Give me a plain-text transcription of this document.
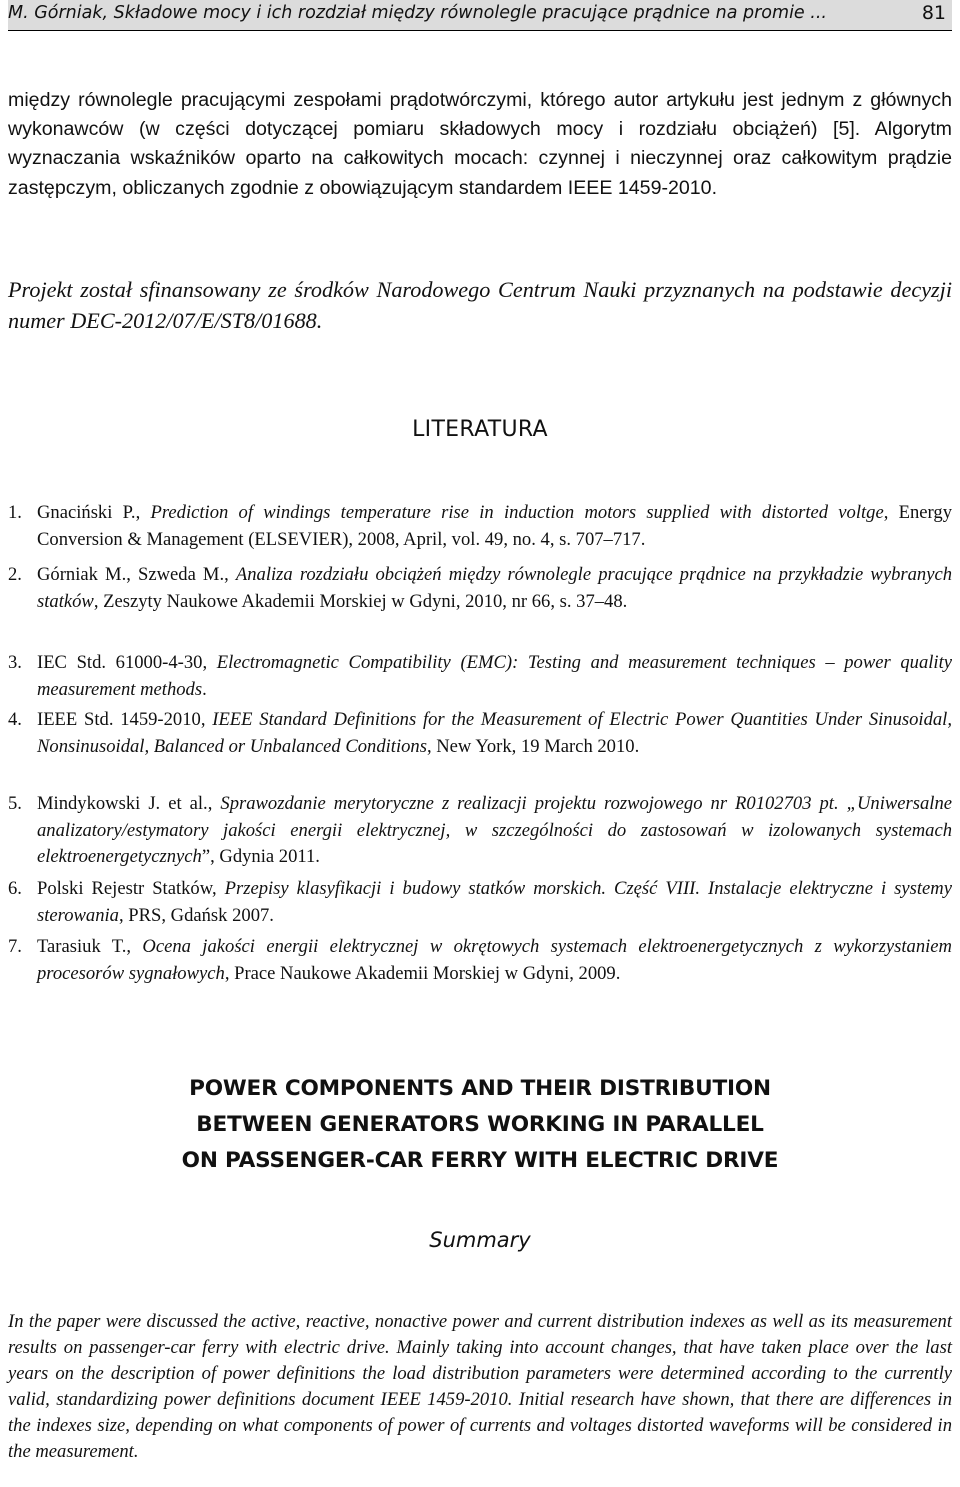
M. Górniak, Składowe mocy i ich rozdział między równolegle pracujące prądnice na promie ...	81

między równolegle pracującymi zespołami prądotwórczymi, którego autor artykułu jest jednym z głównych wykonawców (w części dotyczącej pomiaru składowych mocy i rozdziału obciążeń) [5]. Algorytm wyznaczania wskaźników oparto na całkowitych mocach: czynnej i nieczynnej oraz całkowitym prądzie zastępczym, obliczanych zgodnie z obowiązującym standardem IEEE 1459-2010.

Projekt został sfinansowany ze środków Narodowego Centrum Nauki przyznanych na podstawie decyzji numer DEC-2012/07/E/ST8/01688.

LITERATURA
1. Gnaciński P., Prediction of windings temperature rise in induction motors supplied with distorted voltge, Energy Conversion & Management (ELSEVIER), 2008, April, vol. 49, no. 4, s. 707–717.
2. Górniak M., Szweda M., Analiza rozdziału obciążeń między równolegle pracujące prądnice na przykładzie wybranych statków, Zeszyty Naukowe Akademii Morskiej w Gdyni, 2010, nr 66, s. 37–48.
3. IEC Std. 61000-4-30, Electromagnetic Compatibility (EMC): Testing and measurement techniques – power quality measurement methods.
4. IEEE Std. 1459-2010, IEEE Standard Definitions for the Measurement of Electric Power Quantities Under Sinusoidal, Nonsinusoidal, Balanced or Unbalanced Conditions, New York, 19 March 2010.
5. Mindykowski J. et al., Sprawozdanie merytoryczne z realizacji projektu rozwojowego nr R0102703 pt. „Uniwersalne analizatory/estymatory jakości energii elektrycznej, w szczególności do zastosowań w izolowanych systemach elektroenergetycznych”, Gdynia 2011.
6. Polski Rejestr Statków, Przepisy klasyfikacji i budowy statków morskich. Część VIII. Instalacje elektryczne i systemy sterowania, PRS, Gdańsk 2007.
7. Tarasiuk T., Ocena jakości energii elektrycznej w okrętowych systemach elektroenergetycznych z wykorzystaniem procesorów sygnałowych, Prace Naukowe Akademii Morskiej w Gdyni, 2009.
POWER COMPONENTS AND THEIR DISTRIBUTION
BETWEEN GENERATORS WORKING IN PARALLEL
ON PASSENGER-CAR FERRY WITH ELECTRIC DRIVE
Summary

In the paper were discussed the active, reactive, nonactive power and current distribution indexes as well as its measurement results on passenger-car ferry with electric drive. Mainly taking into account changes, that have taken place over the last years on the description of power definitions the load distribution parameters were determined according to the currently valid, standardizing power definitions document IEEE 1459-2010. Initial research have shown, that there are differences in the indexes size, depending on what components of power of currents and voltages distorted waveforms will be considered in the measurement.
